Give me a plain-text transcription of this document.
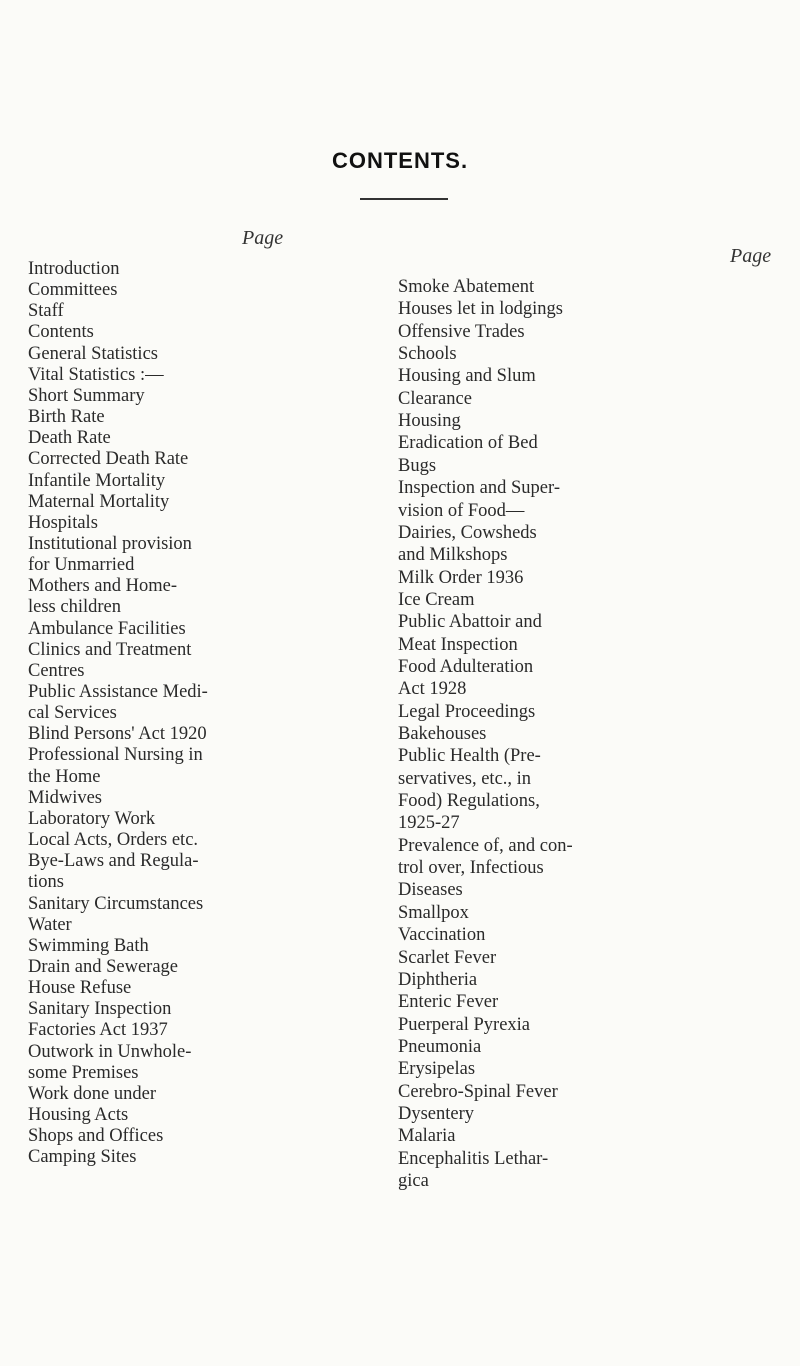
CONTENTS.
Page
Page
Introduction
Committees
Staff
Contents
General Statistics
Vital Statistics :—
Short Summary
Birth Rate
Death Rate
Corrected Death Rate
Infantile Mortality
Maternal Mortality
Hospitals
Institutional provision
for Unmarried
Mothers and Home-
less children
Ambulance Facilities
Clinics and Treatment
Centres
Public Assistance Medi-
cal Services
Blind Persons' Act 1920
Professional Nursing in
the Home
Midwives
Laboratory Work
Local Acts, Orders etc.
Bye-Laws and Regula-
tions
Sanitary Circumstances
Water
Swimming Bath
Drain and Sewerage
House Refuse
Sanitary Inspection
Factories Act 1937
Outwork in Unwhole-
some Premises
Work done under
Housing Acts
Shops and Offices
Camping Sites
Smoke Abatement
Houses let in lodgings
Offensive Trades
Schools
Housing and Slum
Clearance
Housing
Eradication of Bed
Bugs
Inspection and Super-
vision of Food—
Dairies, Cowsheds
and Milkshops
Milk Order 1936
Ice Cream
Public Abattoir and
Meat Inspection
Food Adulteration
Act 1928
Legal Proceedings
Bakehouses
Public Health (Pre-
servatives, etc., in
Food) Regulations,
1925-27
Prevalence of, and con-
trol over, Infectious
Diseases
Smallpox
Vaccination
Scarlet Fever
Diphtheria
Enteric Fever
Puerperal Pyrexia
Pneumonia
Erysipelas
Cerebro-Spinal Fever
Dysentery
Malaria
Encephalitis Lethar-
gica
